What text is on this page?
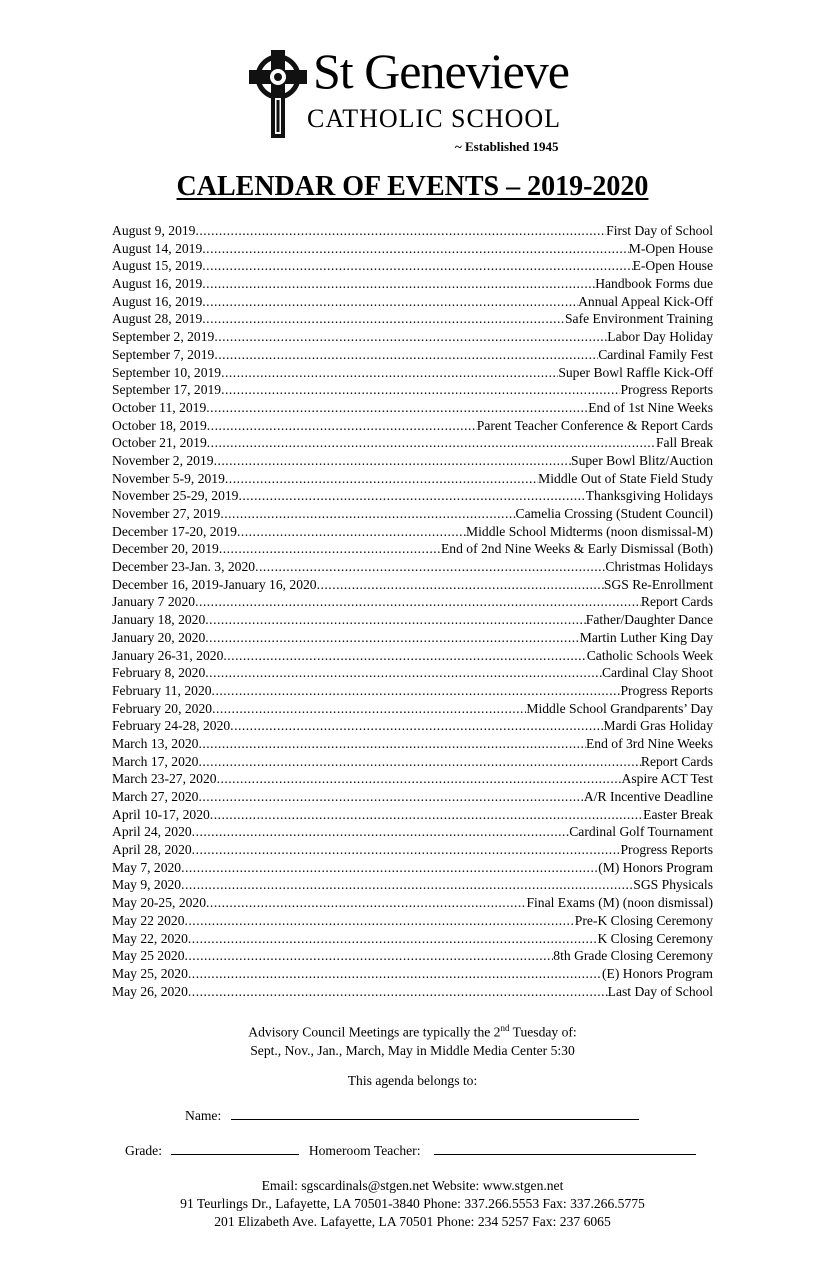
St Genevieve
CATHOLIC SCHOOL
~ Established 1945
CALENDAR OF EVENTS – 2019-2020
August 9, 2019 .....	First Day of School
August 14, 2019 .....	M-Open House
August 15, 2019 .....	E-Open House
August 16, 2019 .....	Handbook Forms due
August 16, 2019 .....	Annual Appeal Kick-Off
August 28, 2019 .....	Safe Environment Training
September 2, 2019 .....	Labor Day Holiday
September 7, 2019 .....	Cardinal Family Fest
September 10, 2019 .....	Super Bowl Raffle Kick-Off
September 17, 2019 .....	Progress Reports
October 11, 2019 .....	End of 1st Nine Weeks
October 18, 2019 .....	Parent Teacher Conference & Report Cards
October 21, 2019 .....	Fall Break
November 2, 2019 .....	Super Bowl Blitz/Auction
November 5-9, 2019 .....	Middle Out of State Field Study
November 25-29, 2019 .....	Thanksgiving Holidays
November 27, 2019 .....	Camelia Crossing (Student Council)
December 17-20, 2019 .....	Middle School Midterms (noon dismissal-M)
December 20, 2019 .....	End of 2nd Nine Weeks & Early Dismissal (Both)
December 23-Jan. 3, 2020 .....	Christmas Holidays
December 16, 2019-January 16, 2020 .....	SGS Re-Enrollment
January 7 2020 .....	Report Cards
January 18, 2020 .....	Father/Daughter Dance
January 20, 2020 .....	Martin Luther King Day
January 26-31, 2020 .....	Catholic Schools Week
February 8, 2020 .....	Cardinal Clay Shoot
February 11, 2020 .....	Progress Reports
February 20, 2020 .....	Middle School Grandparents’ Day
February 24-28, 2020 .....	Mardi Gras Holiday
March 13, 2020 .....	End of 3rd Nine Weeks
March 17, 2020 .....	Report Cards
March 23-27, 2020 .....	Aspire ACT Test
March 27, 2020 .....	A/R Incentive Deadline
April 10-17, 2020 .....	Easter Break
April 24, 2020 .....	Cardinal Golf Tournament
April 28, 2020 .....	Progress Reports
May 7, 2020 .....	(M) Honors Program
May 9, 2020 .....	SGS Physicals
May 20-25, 2020 .....	Final Exams (M) (noon dismissal)
May 22 2020 .....	Pre-K Closing Ceremony
May 22, 2020 .....	K Closing Ceremony
May 25 2020 .....	8th Grade Closing Ceremony
May 25, 2020 .....	(E) Honors Program
May 26, 2020 .....	Last Day of School
Advisory Council Meetings are typically the 2nd Tuesday of:
Sept., Nov., Jan., March, May in Middle Media Center 5:30
This agenda belongs to:
Name:
Grade:	Homeroom Teacher:
Email: sgscardinals@stgen.net Website: www.stgen.net
91 Teurlings Dr., Lafayette, LA 70501-3840 Phone: 337.266.5553 Fax: 337.266.5775
201 Elizabeth Ave. Lafayette, LA 70501 Phone: 234 5257 Fax: 237 6065
